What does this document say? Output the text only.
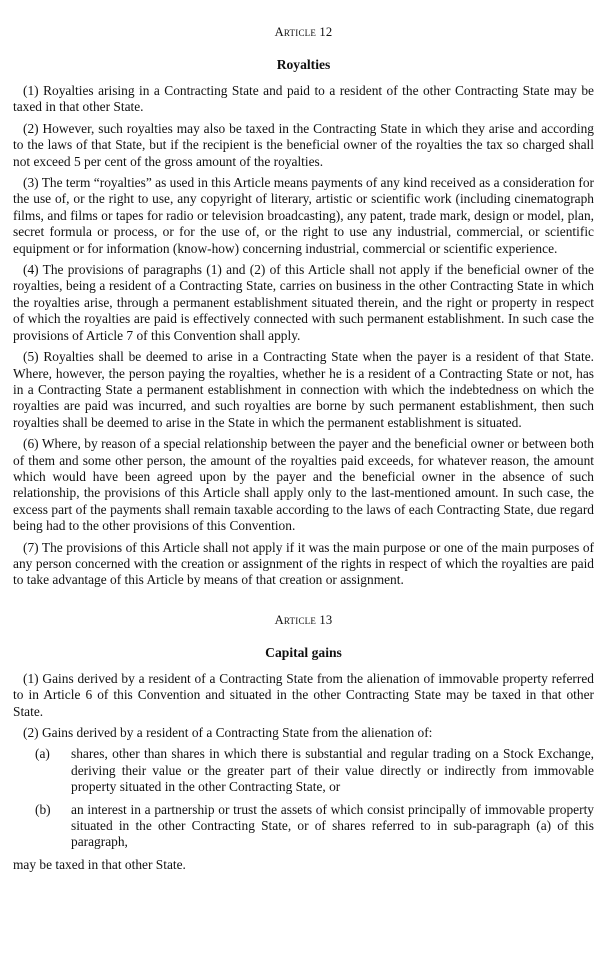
Article 12
Royalties

(1) Royalties arising in a Contracting State and paid to a resident of the other Contracting State may be taxed in that other State.

(2) However, such royalties may also be taxed in the Contracting State in which they arise and according to the laws of that State, but if the recipient is the beneficial owner of the royalties the tax so charged shall not exceed 5 per cent of the gross amount of the royalties.

(3) The term “royalties” as used in this Article means payments of any kind received as a consideration for the use of, or the right to use, any copyright of literary, artistic or scientific work (including cinematograph films, and films or tapes for radio or television broadcasting), any patent, trade mark, design or model, plan, secret formula or process, or for the use of, or the right to use any industrial, commercial, or scientific equipment or for information (know-how) concerning industrial, commercial or scientific experience.

(4) The provisions of paragraphs (1) and (2) of this Article shall not apply if the beneficial owner of the royalties, being a resident of a Contracting State, carries on business in the other Contracting State in which the royalties arise, through a permanent establishment situated therein, and the right or property in respect of which the royalties are paid is effectively connected with such permanent establishment. In such case the provisions of Article 7 of this Convention shall apply.

(5) Royalties shall be deemed to arise in a Contracting State when the payer is a resident of that State. Where, however, the person paying the royalties, whether he is a resident of a Contracting State or not, has in a Contracting State a permanent establishment in connection with which the indebtedness on which the royalties are paid was incurred, and such royalties are borne by such permanent establishment, then such royalties shall be deemed to arise in the State in which the permanent establishment is situated.

(6) Where, by reason of a special relationship between the payer and the beneficial owner or between both of them and some other person, the amount of the royalties paid exceeds, for whatever reason, the amount which would have been agreed upon by the payer and the beneficial owner in the absence of such relationship, the provisions of this Article shall apply only to the last-mentioned amount. In such case, the excess part of the payments shall remain taxable according to the laws of each Contracting State, due regard being had to the other provisions of this Convention.

(7) The provisions of this Article shall not apply if it was the main purpose or one of the main purposes of any person concerned with the creation or assignment of the rights in respect of which the royalties are paid to take advantage of this Article by means of that creation or assignment.

Article 13
Capital gains

(1) Gains derived by a resident of a Contracting State from the alienation of immovable property referred to in Article 6 of this Convention and situated in the other Contracting State may be taxed in that other State.

(2) Gains derived by a resident of a Contracting State from the alienation of:

(a)	shares, other than shares in which there is substantial and regular trading on a Stock Exchange, deriving their value or the greater part of their value directly or indirectly from immovable property situated in the other Contracting State, or
(b)	an interest in a partnership or trust the assets of which consist principally of immovable property situated in the other Contracting State, or of shares referred to in sub-paragraph (a) of this paragraph,

may be taxed in that other State.
